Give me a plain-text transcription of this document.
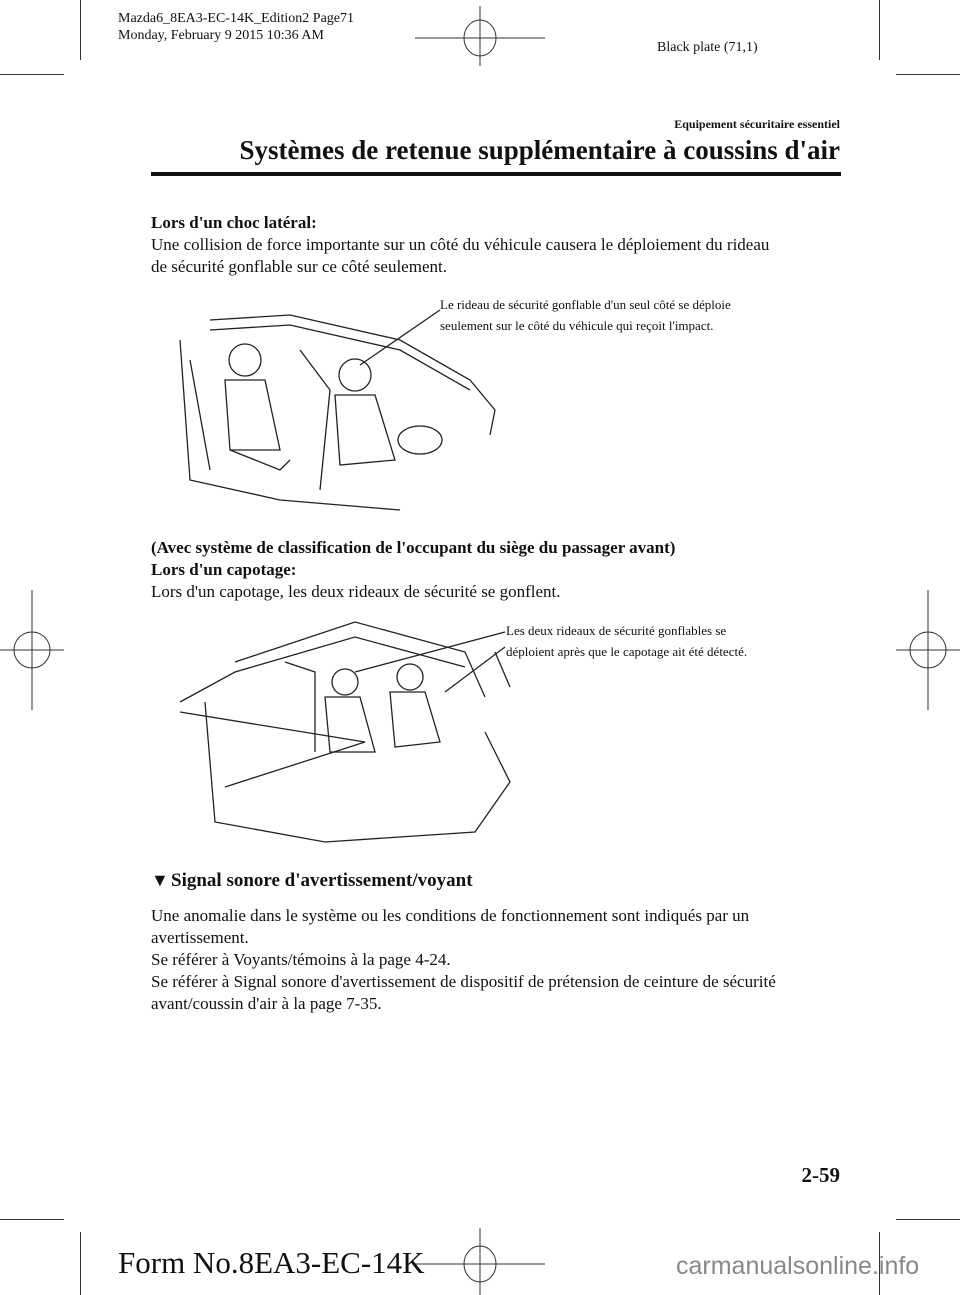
Mazda6_8EA3-EC-14K_Edition2 Page71
Monday, February 9 2015 10:36 AM
Black plate (71,1)
Equipement sécuritaire essentiel
Systèmes de retenue supplémentaire à coussins d'air
Lors d'un choc latéral:
Une collision de force importante sur un côté du véhicule causera le déploiement du rideau
de sécurité gonflable sur ce côté seulement.
Le rideau de sécurité gonflable d'un seul côté se déploie
seulement sur le côté du véhicule qui reçoit l'impact.
(Avec système de classification de l'occupant du siège du passager avant)
Lors d'un capotage:
Lors d'un capotage, les deux rideaux de sécurité se gonflent.
Les deux rideaux de sécurité gonflables se
déploient après que le capotage ait été détecté.
▼ Signal sonore d'avertissement/voyant
Une anomalie dans le système ou les conditions de fonctionnement sont indiqués par un
avertissement.
Se référer à Voyants/témoins à la page 4-24.
Se référer à Signal sonore d'avertissement de dispositif de prétension de ceinture de sécurité
avant/coussin d'air à la page 7-35.
2-59
Form No.8EA3-EC-14K	carmanualsonline.info
